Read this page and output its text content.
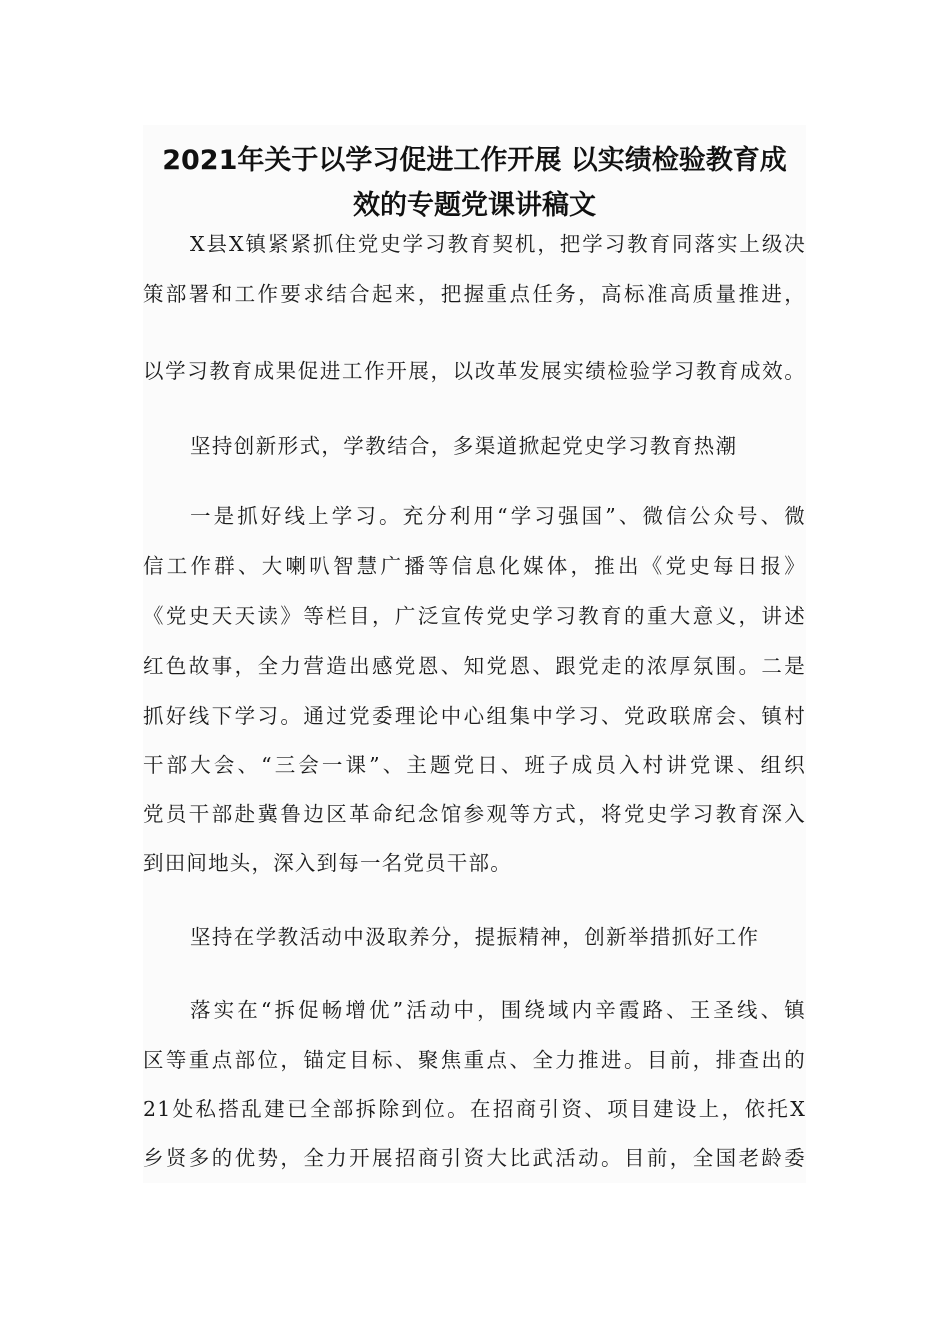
2021年关于以学习促进工作开展 以实绩检验教育成
效的专题党课讲稿文
X县X镇紧紧抓住党史学习教育契机，把学习教育同落实上级决
策部署和工作要求结合起来，把握重点任务，高标准高质量推进，
以学习教育成果促进工作开展，以改革发展实绩检验学习教育成效。
坚持创新形式，学教结合，多渠道掀起党史学习教育热潮
一是抓好线上学习。充分利用“学习强国”、微信公众号、微
信工作群、大喇叭智慧广播等信息化媒体，推出《党史每日报》
《党史天天读》等栏目，广泛宣传党史学习教育的重大意义，讲述
红色故事，全力营造出感党恩、知党恩、跟党走的浓厚氛围。二是
抓好线下学习。通过党委理论中心组集中学习、党政联席会、镇村
干部大会、“三会一课”、主题党日、班子成员入村讲党课、组织
党员干部赴冀鲁边区革命纪念馆参观等方式，将党史学习教育深入
到田间地头，深入到每一名党员干部。
坚持在学教活动中汲取养分，提振精神，创新举措抓好工作
落实在“拆促畅增优”活动中，围绕域内辛霞路、王圣线、镇
区等重点部位，锚定目标、聚焦重点、全力推进。目前，排查出的
21处私搭乱建已全部拆除到位。在招商引资、项目建设上，依托X
乡贤多的优势，全力开展招商引资大比武活动。目前，全国老龄委
